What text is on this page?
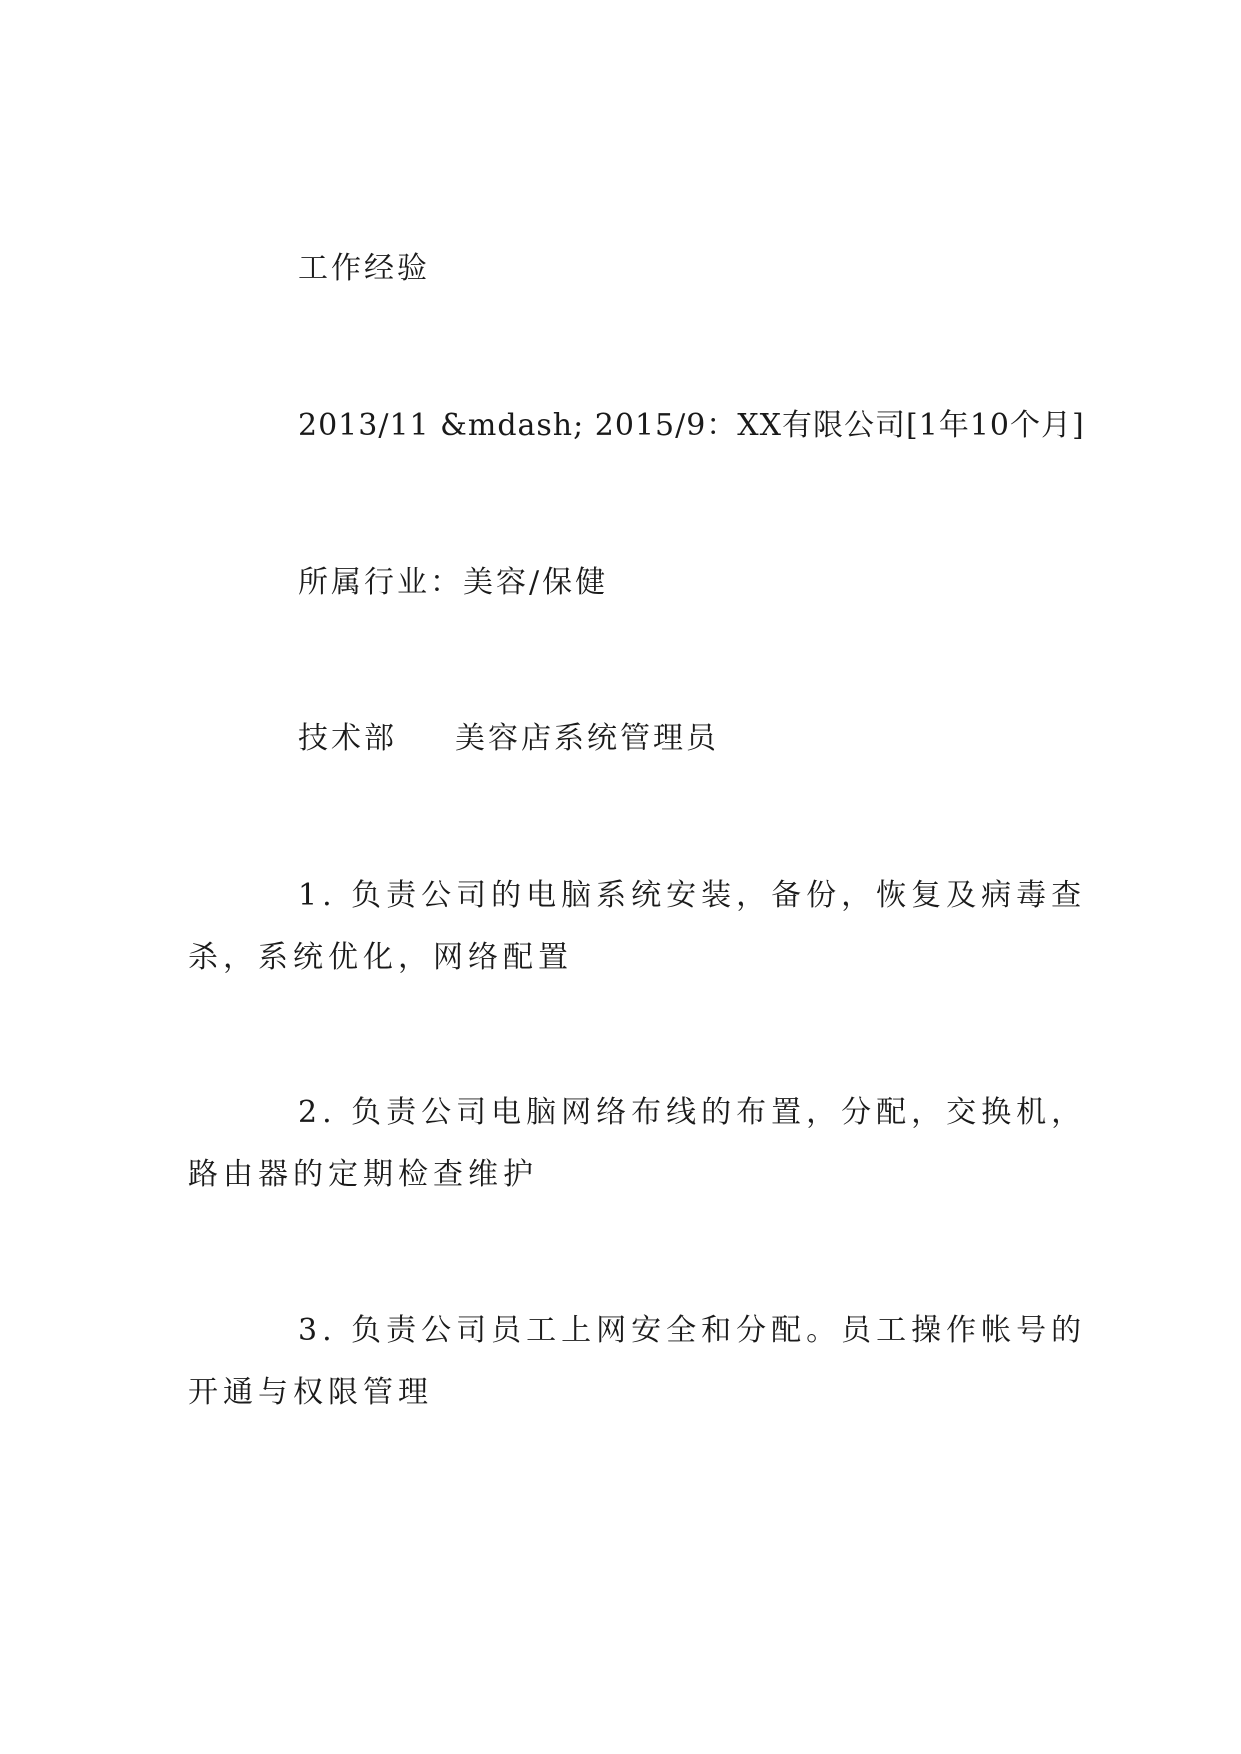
工作经验
2013/11 &mdash; 2015/9：XX有限公司[1年10个月]
所属行业：美容/保健
技术部 美容店系统管理员
1. 负责公司的电脑系统安装，备份，恢复及病毒查
杀，系统优化，网络配置
2. 负责公司电脑网络布线的布置，分配，交换机，
路由器的定期检查维护
3. 负责公司员工上网安全和分配。员工操作帐号的
开通与权限管理
